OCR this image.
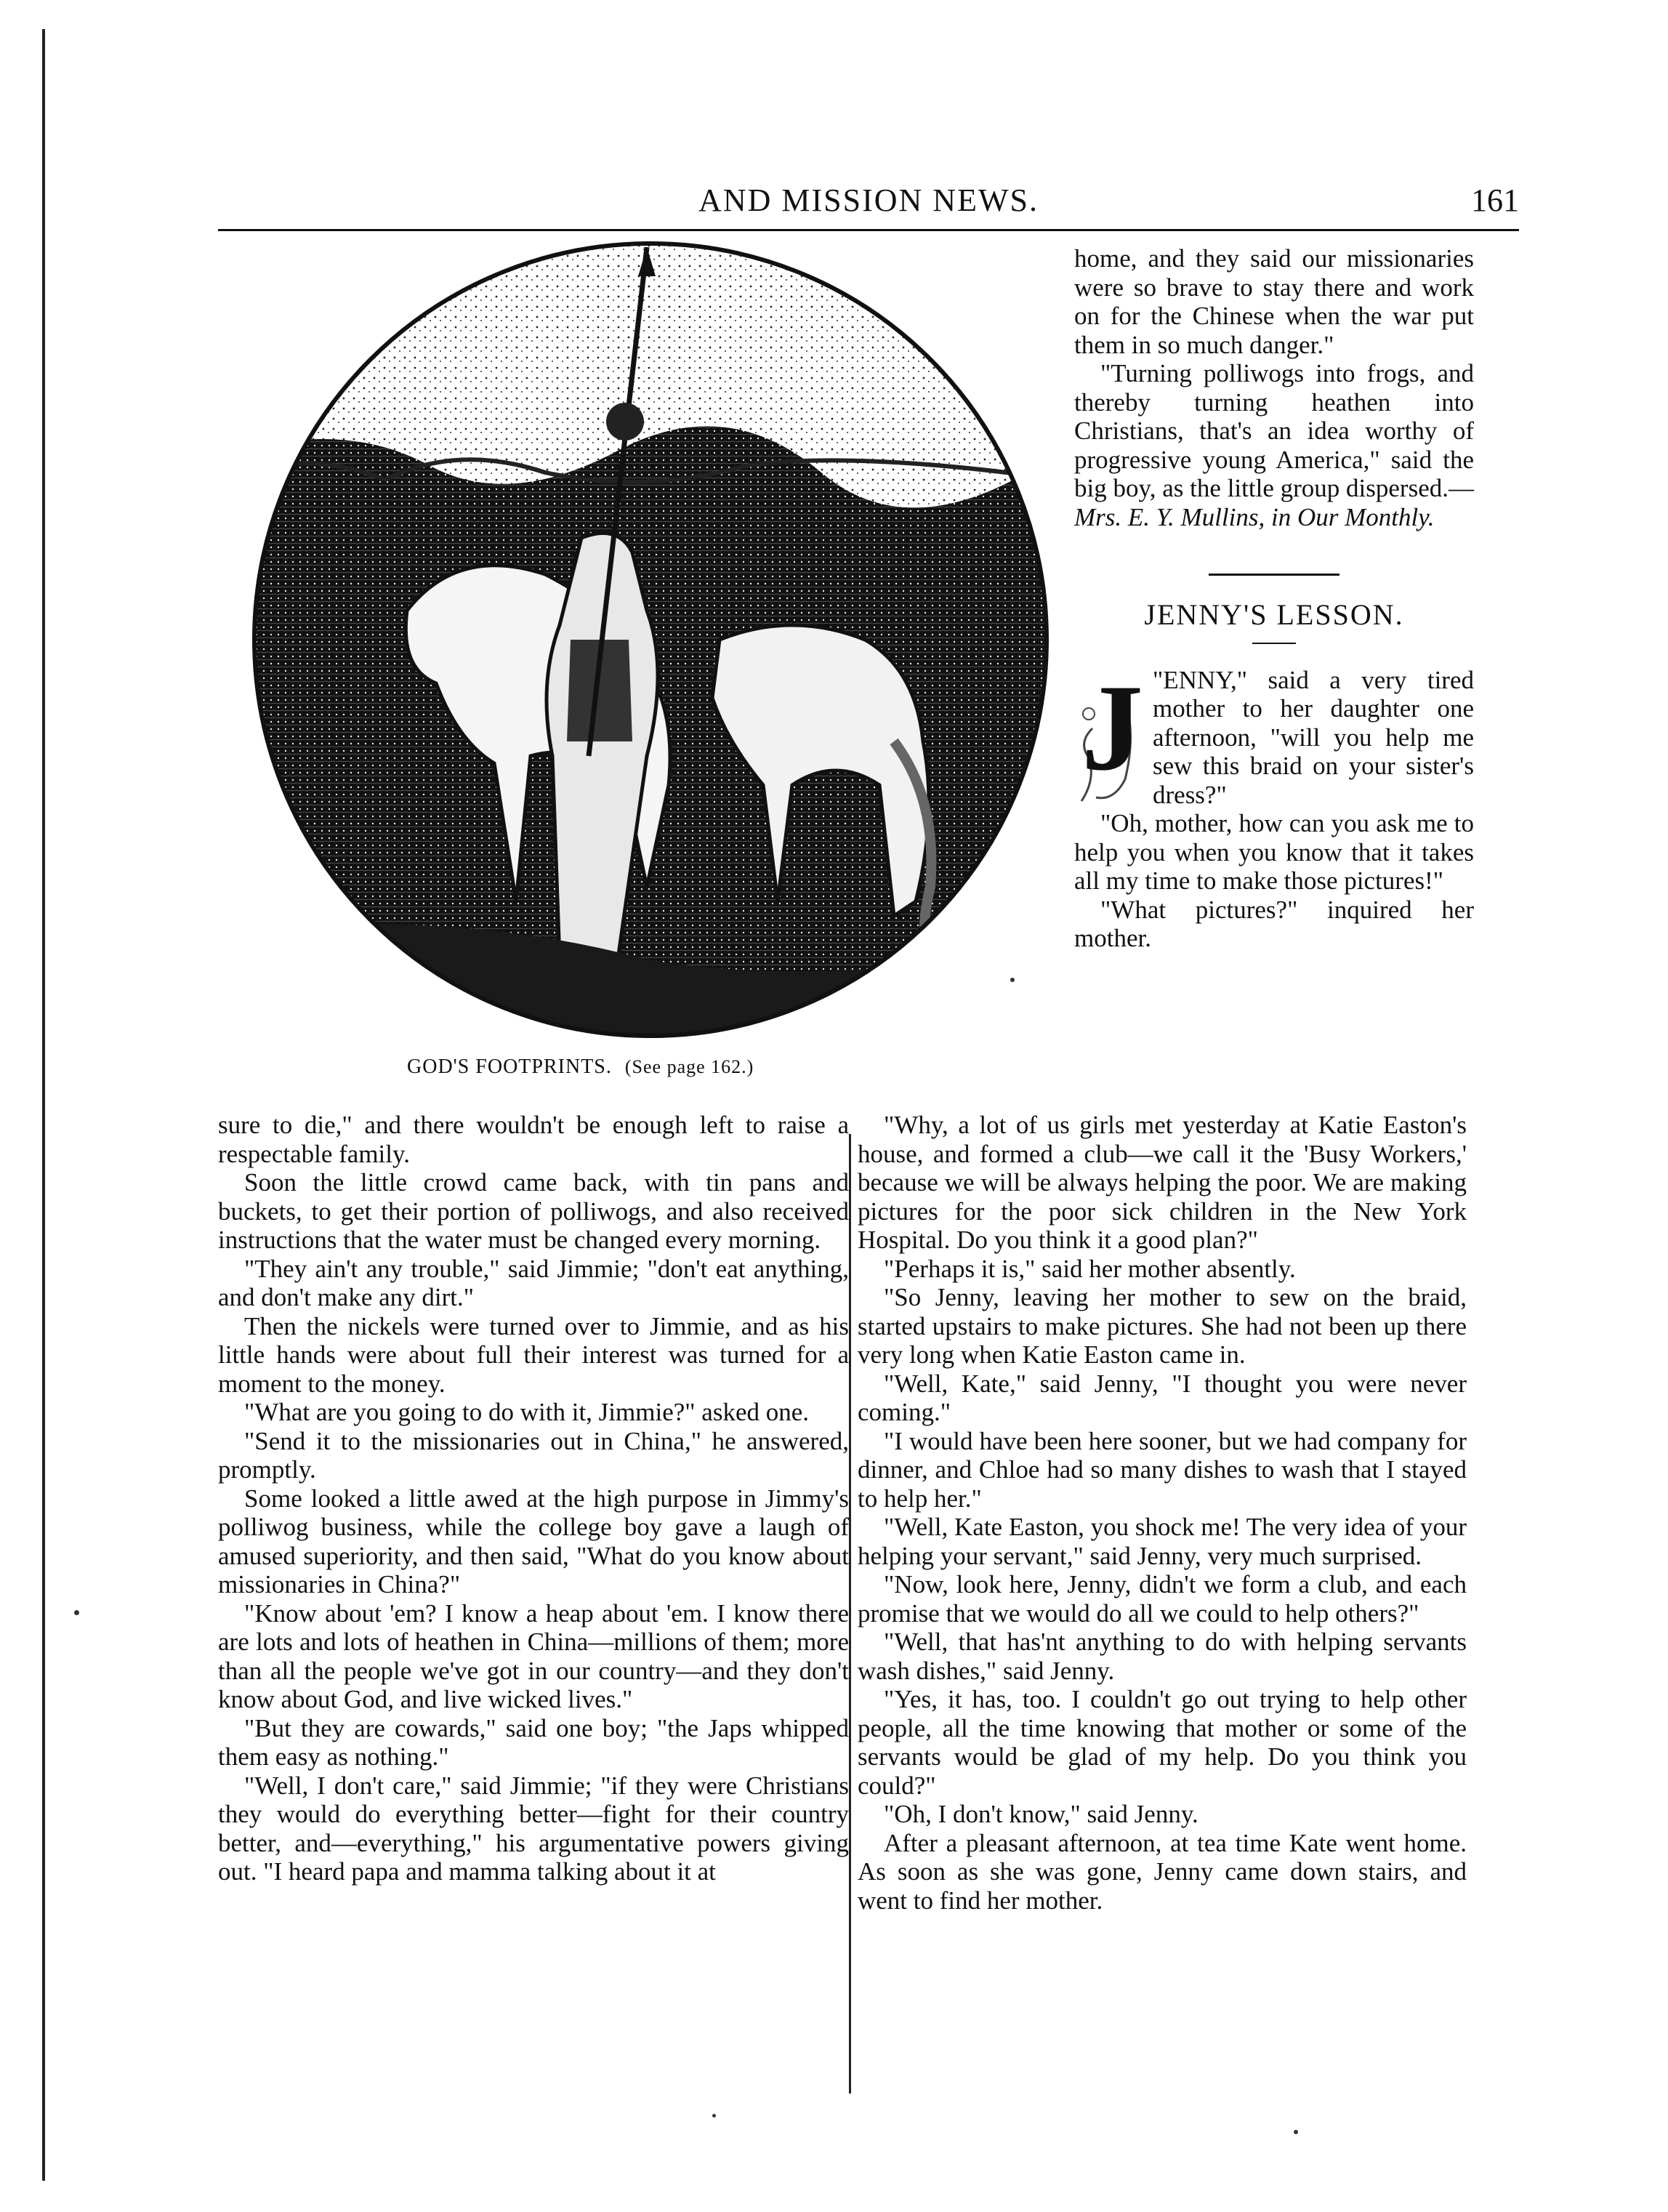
AND MISSION NEWS.	161
GOD'S FOOTPRINTS. (See page 162.)

home, and they said our missionaries were so brave to stay there and work on for the Chinese when the war put them in so much danger."

"Turning polliwogs into frogs, and thereby turning heathen into Christians, that's an idea worthy of progressive young America," said the big boy, as the little group dispersed.—Mrs. E. Y. Mullins, in Our Monthly.

JENNY'S LESSON.
J "ENNY," said a very tired mother to her daughter one afternoon, "will you help me sew this braid on your sister's dress?"

"Oh, mother, how can you ask me to help you when you know that it takes all my time to make those pictures!"

"What pictures?" inquired her mother.

sure to die," and there wouldn't be enough left to raise a respectable family.

Soon the little crowd came back, with tin pans and buckets, to get their portion of polliwogs, and also received instructions that the water must be changed every morning.

"They ain't any trouble," said Jimmie; "don't eat anything, and don't make any dirt."

Then the nickels were turned over to Jimmie, and as his little hands were about full their interest was turned for a moment to the money.

"What are you going to do with it, Jimmie?" asked one.

"Send it to the missionaries out in China," he answered, promptly.

Some looked a little awed at the high purpose in Jimmy's polliwog business, while the college boy gave a laugh of amused superiority, and then said, "What do you know about missionaries in China?"

"Know about 'em? I know a heap about 'em. I know there are lots and lots of heathen in China—millions of them; more than all the people we've got in our country—and they don't know about God, and live wicked lives."

"But they are cowards," said one boy; "the Japs whipped them easy as nothing."

"Well, I don't care," said Jimmie; "if they were Christians they would do everything better—fight for their country better, and—everything," his argumentative powers giving out. "I heard papa and mamma talking about it at

"Why, a lot of us girls met yesterday at Katie Easton's house, and formed a club—we call it the 'Busy Workers,' because we will be always helping the poor. We are making pictures for the poor sick children in the New York Hospital. Do you think it a good plan?"

"Perhaps it is," said her mother absently.

"So Jenny, leaving her mother to sew on the braid, started upstairs to make pictures. She had not been up there very long when Katie Easton came in.

"Well, Kate," said Jenny, "I thought you were never coming."

"I would have been here sooner, but we had company for dinner, and Chloe had so many dishes to wash that I stayed to help her."

"Well, Kate Easton, you shock me! The very idea of your helping your servant," said Jenny, very much surprised.

"Now, look here, Jenny, didn't we form a club, and each promise that we would do all we could to help others?"

"Well, that has'nt anything to do with helping servants wash dishes," said Jenny.

"Yes, it has, too. I couldn't go out trying to help other people, all the time knowing that mother or some of the servants would be glad of my help. Do you think you could?"

"Oh, I don't know," said Jenny.

After a pleasant afternoon, at tea time Kate went home. As soon as she was gone, Jenny came down stairs, and went to find her mother.
